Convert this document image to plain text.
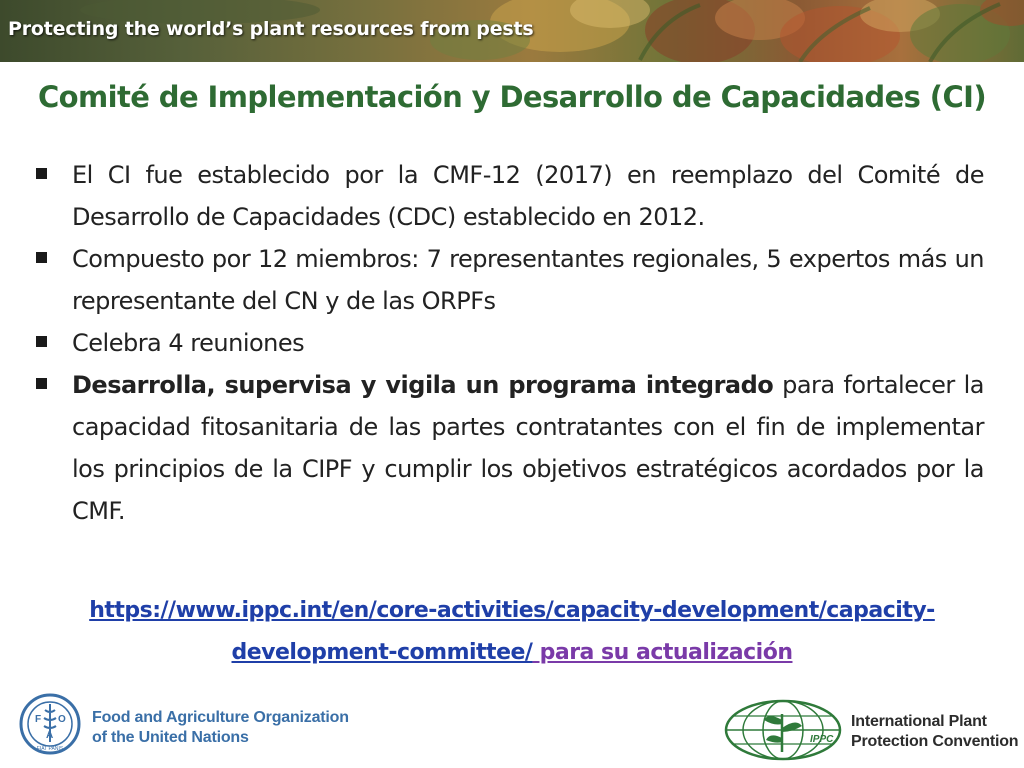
Protecting the world’s plant resources from pests
Comité de Implementación y Desarrollo de Capacidades (CI)
El CI fue establecido por la CMF-12 (2017) en reemplazo del Comité de Desarrollo de Capacidades (CDC) establecido en 2012.
Compuesto por 12 miembros: 7 representantes regionales, 5 expertos más un representante del CN y de las ORPFs
Celebra 4 reuniones
Desarrolla, supervisa y vigila un programa integrado para fortalecer la capacidad fitosanitaria de las partes contratantes con el fin de implementar los principios de la CIPF y cumplir los objetivos estratégicos acordados por la CMF.
https://www.ippc.int/en/core-activities/capacity-development/capacity-development-committee/ para su actualización
F
A
O
FIAT PANIS
Food and Agriculture Organization
of the United Nations	IPPC
International Plant
Protection Convention
